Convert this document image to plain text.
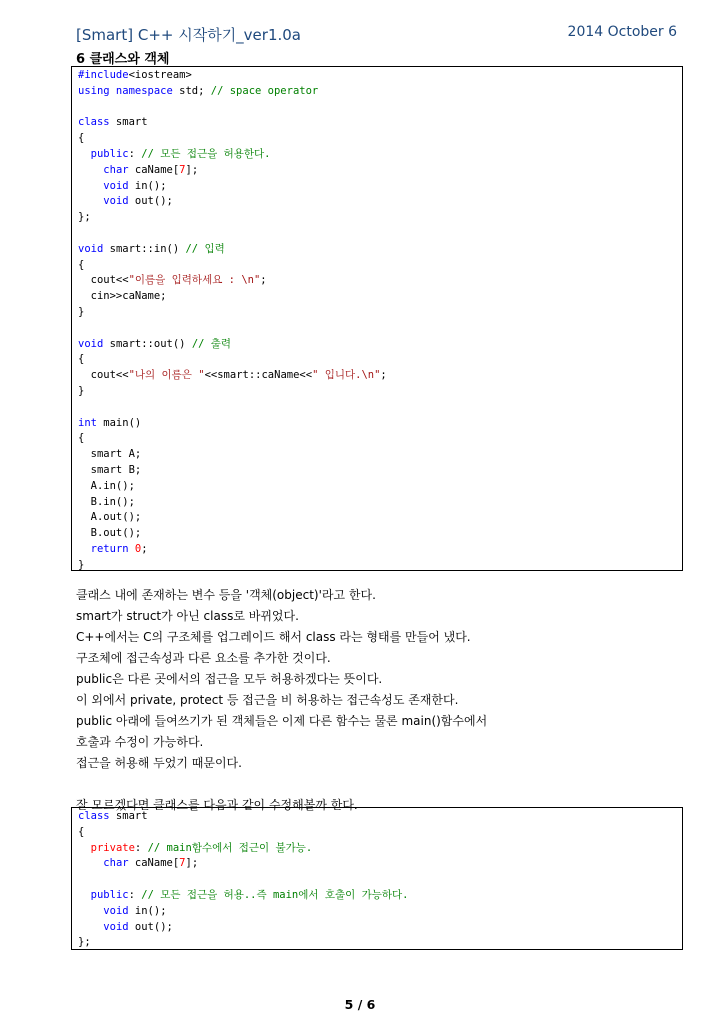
[Smart] C++ 시작하기_ver1.0a	2014 October 6
6 클래스와 객체
#include<iostream>
using namespace std; // space operator
class smart
{
public: // 모든 접근을 허용한다.
char caName[7];
void in();
void out();
};
void smart::in() // 입력
{
cout<<"이름을 입력하세요 : \n";
cin>>caName;
}
void smart::out() // 출력
{
cout<<"나의 이름은 "<<smart::caName<<" 입니다.\n";
}
int main()
{
smart A;
smart B;
A.in();
B.in();
A.out();
B.out();
return 0;
}
클래스 내에 존재하는 변수 등을 '객체(object)'라고 한다.
smart가 struct가 아닌 class로 바뀌었다.
C++에서는 C의 구조체를 업그레이드 해서 class 라는 형태를 만들어 냈다.
구조체에 접근속성과 다른 요소를 추가한 것이다.
public은 다른 곳에서의 접근을 모두 허용하겠다는 뜻이다.
이 외에서 private, protect 등 접근을 비 허용하는 접근속성도 존재한다.
public 아래에 들여쓰기가 된 객체들은 이제 다른 함수는 물론 main()함수에서
호출과 수정이 가능하다.
접근을 허용해 두었기 때문이다.
잘 모르겠다면 클래스를 다음과 같이 수정해볼까 한다.
class smart
{
private: // main함수에서 접근이 불가능.
char caName[7];
public: // 모든 접근을 허용..즉 main에서 호출이 가능하다.
void in();
void out();
};
5 / 6
